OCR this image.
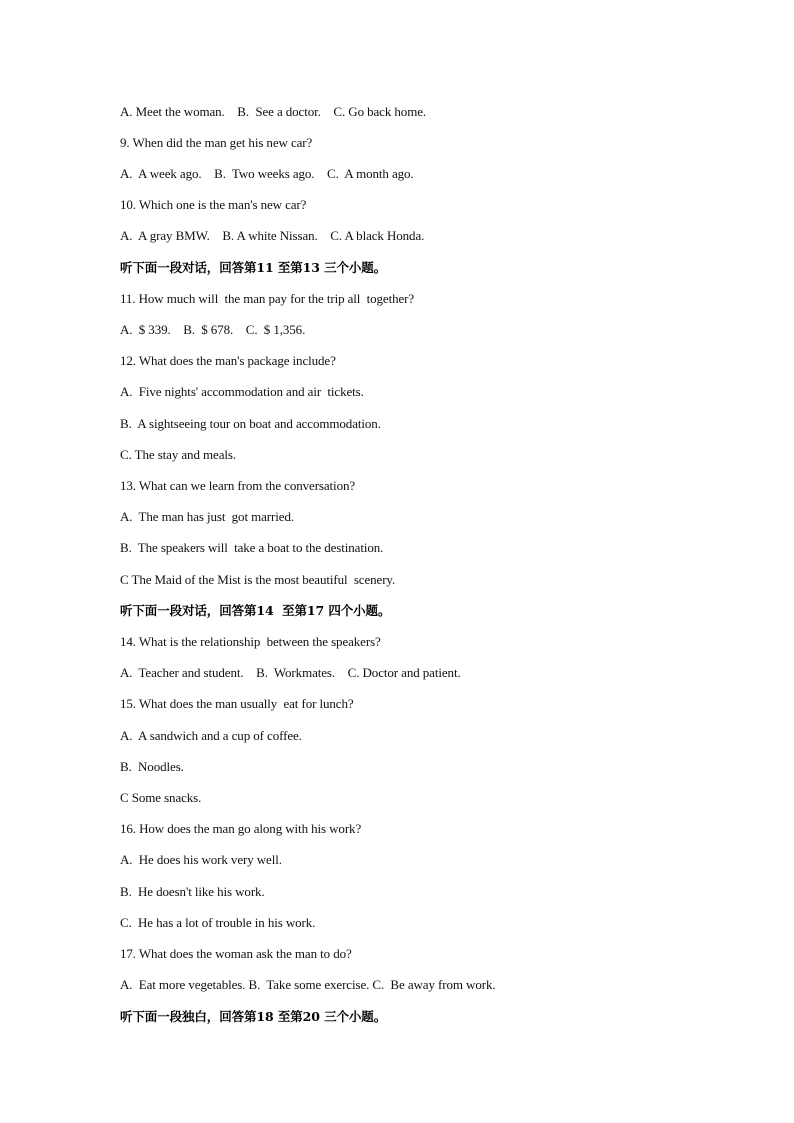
A. Meet the woman.    B.  See a doctor.    C. Go back home.
9. When did the man get his new car?
A.  A week ago.    B.  Two weeks ago.    C.  A month ago.
10. Which one is the man's new car?
A.  A gray BMW.    B. A white Nissan.    C. A black Honda.
听下面一段对话，回答第11 至第13 三个小题。
11. How much will  the man pay for the trip all  together?
A.  $ 339.    B.  $ 678.    C.  $ 1,356.
12. What does the man's package include?
A.  Five nights' accommodation and air  tickets.
B.  A sightseeing tour on boat and accommodation.
C. The stay and meals.
13. What can we learn from the conversation?
A.  The man has just  got married.
B.  The speakers will  take a boat to the destination.
C The Maid of the Mist is the most beautiful  scenery.
听下面一段对话，回答第14  至第17 四个小题。
14. What is the relationship  between the speakers?
A.  Teacher and student.    B.  Workmates.    C. Doctor and patient.
15. What does the man usually  eat for lunch?
A.  A sandwich and a cup of coffee.
B.  Noodles.
C Some snacks.
16. How does the man go along with his work?
A.  He does his work very well.
B.  He doesn't like his work.
C.  He has a lot of trouble in his work.
17. What does the woman ask the man to do?
A.  Eat more vegetables. B.  Take some exercise. C.  Be away from work.
听下面一段独白，回答第18 至第20 三个小题。
